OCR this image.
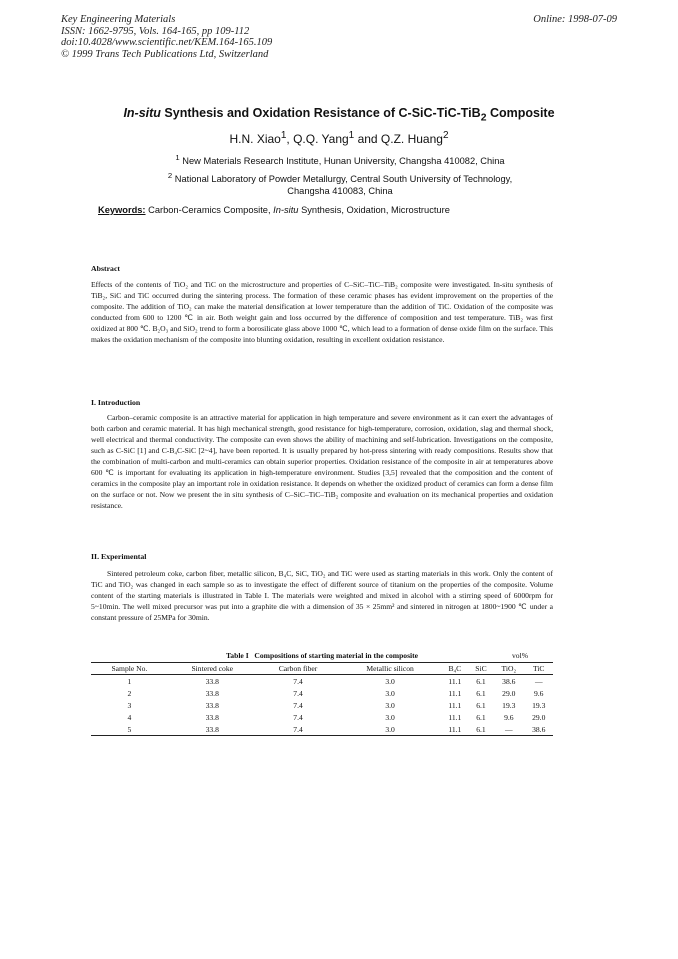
Key Engineering Materials
ISSN: 1662-9795, Vols. 164-165, pp 109-112
doi:10.4028/www.scientific.net/KEM.164-165.109
© 1999 Trans Tech Publications Ltd, Switzerland
Online: 1998-07-09
In-situ Synthesis and Oxidation Resistance of C-SiC-TiC-TiB$_2$ Composite
H.N. Xiao$^1$, Q.Q. Yang$^1$ and Q.Z. Huang$^2$
$^1$ New Materials Research Institute, Hunan University, Changsha 410082, China
$^2$ National Laboratory of Powder Metallurgy, Central South University of Technology,
Changsha 410083, China
Keywords: Carbon-Ceramics Composite, In-situ Synthesis, Oxidation, Microstructure
Abstract

Effects of the contents of TiO₂ and TiC on the microstructure and properties of C–SiC–TiC–TiB₂ composite were investigated. In-situ synthesis of TiB₂, SiC and TiC occurred during the sintering process. The formation of these ceramic phases has evident improvement on the properties of the composite. The addition of TiO₂ can make the material densification at lower temperature than the addition of TiC. Oxidation of the composite was conducted from 600 to 1200 ℃ in air. Both weight gain and loss occurred by the difference of composition and test temperature. TiB₂ was first oxidized at 800 ℃. B₂O₃ and SiO₂ trend to form a borosilicate glass above 1000 ℃, which lead to a formation of dense oxide film on the surface. This makes the oxidation mechanism of the composite into blunting oxidation, resulting in excellent oxidation resistance.

I. Introduction

Carbon–ceramic composite is an attractive material for application in high temperature and severe environment as it can exert the advantages of both carbon and ceramic material. It has high mechanical strength, good resistance for high-temperature, corrosion, oxidation, slag and thermal shock, well electrical and thermal conductivity. The composite can even shows the ability of machining and self-lubrication. Investigations on the composite, such as C-SiC [1] and C-B₄C-SiC [2~4], have been reported. It is usually prepared by hot-press sintering with ready compositions. Results show that the combination of multi-carbon and multi-ceramics can obtain superior properties. Oxidation resistance of the composite in air at temperatures above 600 ℃ is important for evaluating its application in high-temperature environment. Studies [3,5] revealed that the composition and the content of ceramics in the composite play an important role in oxidation resistance. It depends on whether the oxidized product of ceramics can form a dense film on the surface or not. Now we present the in situ synthesis of C–SiC–TiC–TiB₂ composite and evaluation on its mechanical properties and oxidation resistance.

II. Experimental

Sintered petroleum coke, carbon fiber, metallic silicon, B₄C, SiC, TiO₂ and TiC were used as starting materials in this work. Only the content of TiC and TiO₂ was changed in each sample so as to investigate the effect of different source of titanium on the properties of the composite. Volume content of the starting materials is illustrated in Table I. The materials were weighted and mixed in alcohol with a stirring speed of 6000rpm for 5~10min. The well mixed precursor was put into a graphite die with a dimension of 35 × 25mm² and sintered in nitrogen at 1800~1900 ℃ under a constant pressure of 25MPa for 30min.

Table I Compositions of starting material in the composite	vol%
Sample No.	Sintered coke	Carbon fiber	Metallic silicon	B₄C	SiC	TiO₂	TiC
1	33.8	7.4	3.0	11.1	6.1	38.6	—
2	33.8	7.4	3.0	11.1	6.1	29.0	9.6
3	33.8	7.4	3.0	11.1	6.1	19.3	19.3
4	33.8	7.4	3.0	11.1	6.1	9.6	29.0
5	33.8	7.4	3.0	11.1	6.1	—	38.6
